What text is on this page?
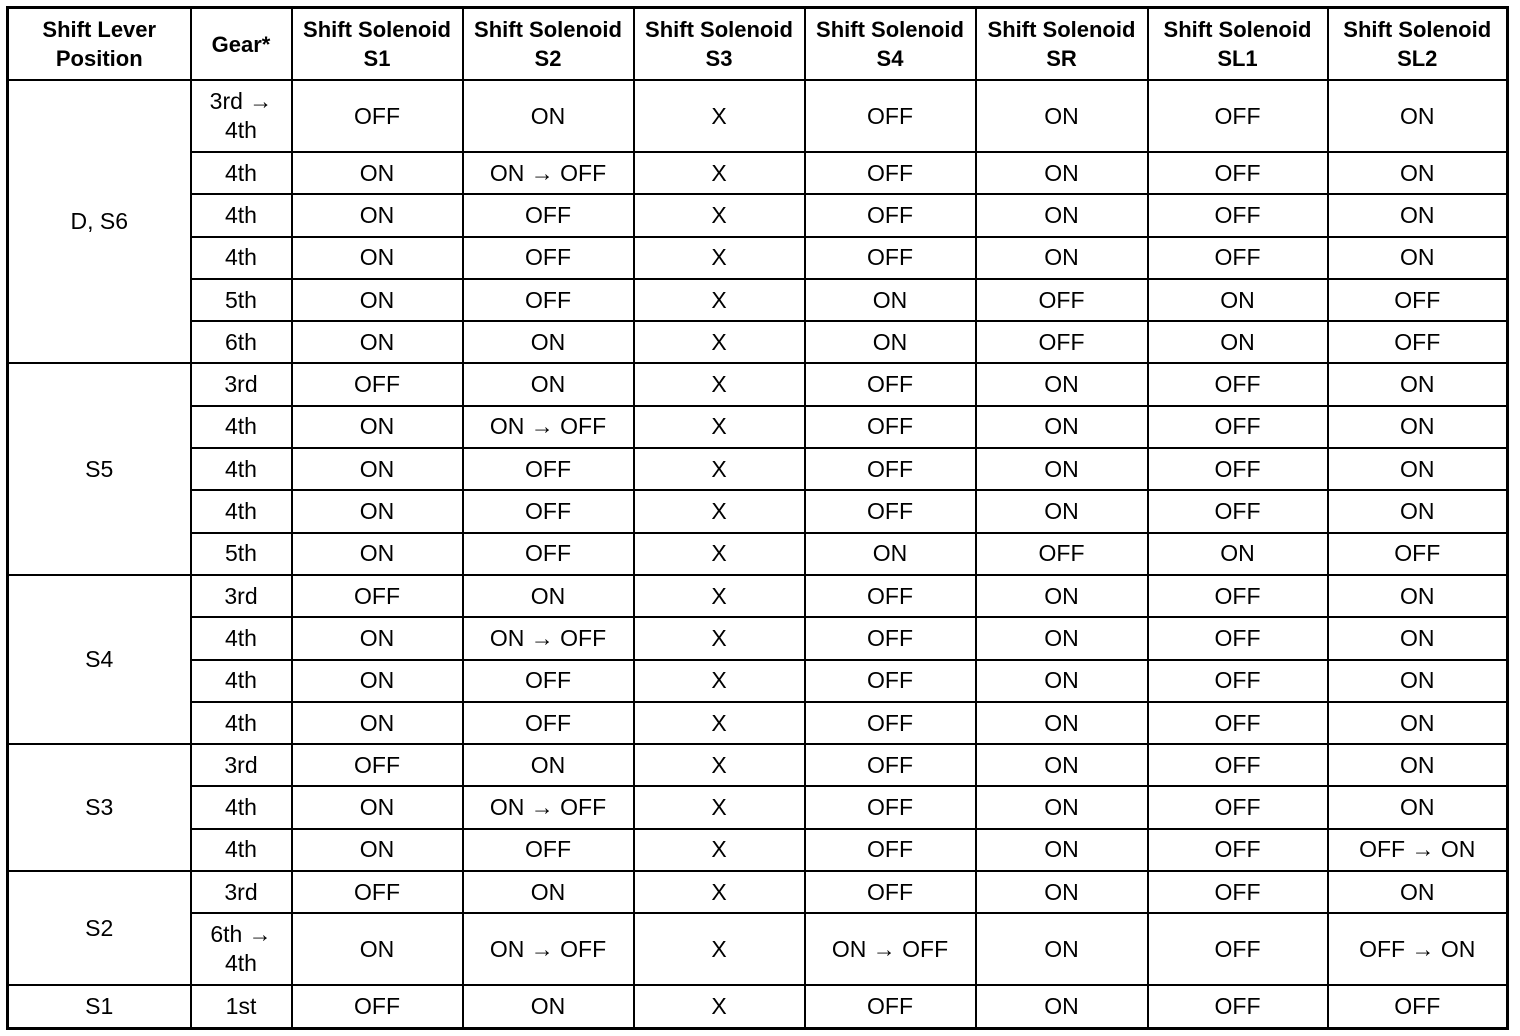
Shift Lever Position	Gear*	Shift Solenoid S1	Shift Solenoid S2	Shift Solenoid S3	Shift Solenoid S4	Shift Solenoid SR	Shift Solenoid SL1	Shift Solenoid SL2
D, S6	3rd → 4th	OFF	ON	X	OFF	ON	OFF	ON
	4th	ON	ON → OFF	X	OFF	ON	OFF	ON
	4th	ON	OFF	X	OFF	ON	OFF	ON
	4th	ON	OFF	X	OFF	ON	OFF	ON
	5th	ON	OFF	X	ON	OFF	ON	OFF
	6th	ON	ON	X	ON	OFF	ON	OFF
S5	3rd	OFF	ON	X	OFF	ON	OFF	ON
	4th	ON	ON → OFF	X	OFF	ON	OFF	ON
	4th	ON	OFF	X	OFF	ON	OFF	ON
	4th	ON	OFF	X	OFF	ON	OFF	ON
	5th	ON	OFF	X	ON	OFF	ON	OFF
S4	3rd	OFF	ON	X	OFF	ON	OFF	ON
	4th	ON	ON → OFF	X	OFF	ON	OFF	ON
	4th	ON	OFF	X	OFF	ON	OFF	ON
	4th	ON	OFF	X	OFF	ON	OFF	ON
S3	3rd	OFF	ON	X	OFF	ON	OFF	ON
	4th	ON	ON → OFF	X	OFF	ON	OFF	ON
	4th	ON	OFF	X	OFF	ON	OFF	OFF → ON
S2	3rd	OFF	ON	X	OFF	ON	OFF	ON
	6th → 4th	ON	ON → OFF	X	ON → OFF	ON	OFF	OFF → ON
S1	1st	OFF	ON	X	OFF	ON	OFF	OFF
